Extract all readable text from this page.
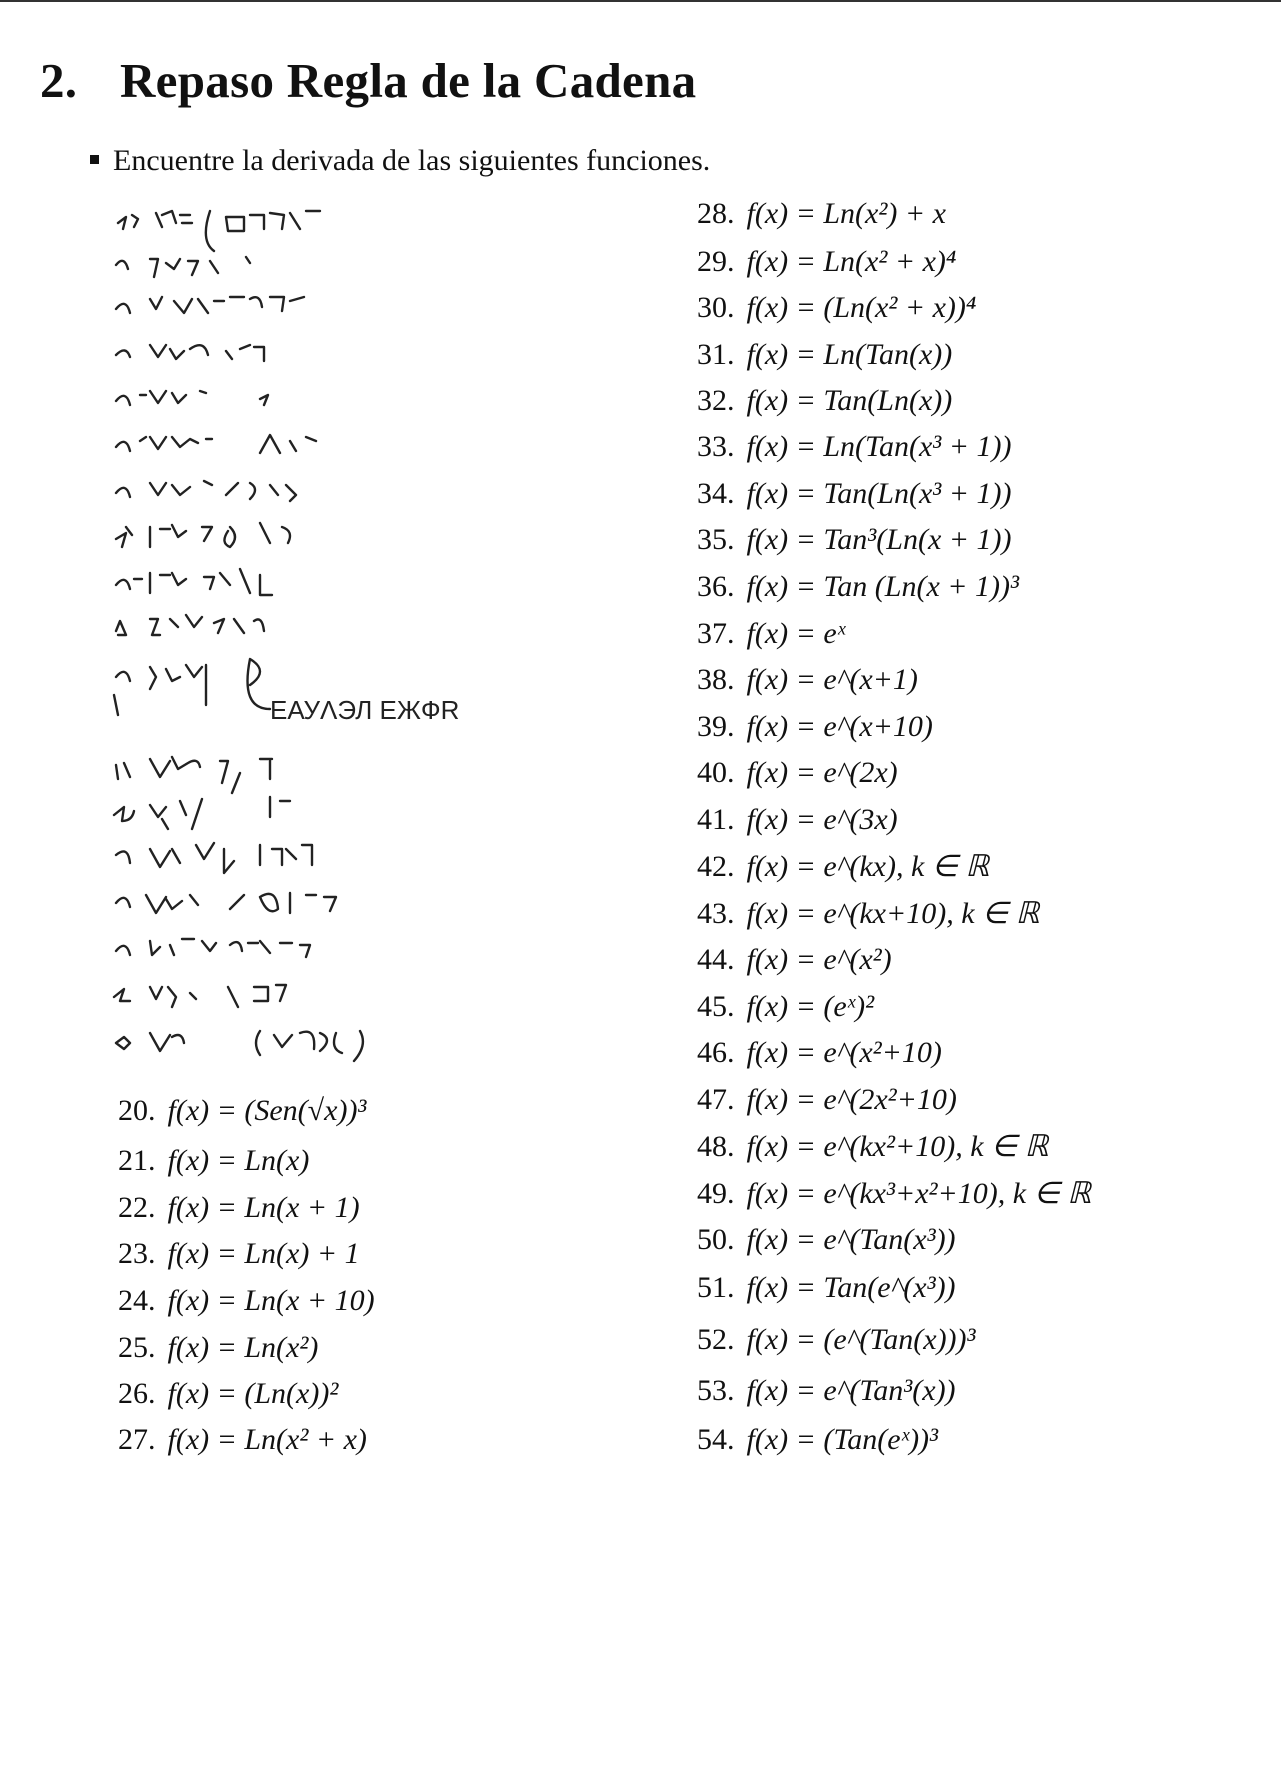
2. Repaso Regla de la Cadena
Encuentre la derivada de las siguientes funciones.
ЕАУΛЭЛ ЕЖФR
20. f(x) = (Sen(√x))³
21. f(x) = Ln(x)
22. f(x) = Ln(x + 1)
23. f(x) = Ln(x) + 1
24. f(x) = Ln(x + 10)
25. f(x) = Ln(x²)
26. f(x) = (Ln(x))²
27. f(x) = Ln(x² + x)
28. f(x) = Ln(x²) + x
29. f(x) = Ln(x² + x)⁴
30. f(x) = (Ln(x² + x))⁴
31. f(x) = Ln(Tan(x))
32. f(x) = Tan(Ln(x))
33. f(x) = Ln(Tan(x³ + 1))
34. f(x) = Tan(Ln(x³ + 1))
35. f(x) = Tan³(Ln(x + 1))
36. f(x) = Tan (Ln(x + 1))³
37. f(x) = eˣ
38. f(x) = e^(x+1)
39. f(x) = e^(x+10)
40. f(x) = e^(2x)
41. f(x) = e^(3x)
42. f(x) = e^(kx), k ∈ ℝ
43. f(x) = e^(kx+10), k ∈ ℝ
44. f(x) = e^(x²)
45. f(x) = (eˣ)²
46. f(x) = e^(x²+10)
47. f(x) = e^(2x²+10)
48. f(x) = e^(kx²+10), k ∈ ℝ
49. f(x) = e^(kx³+x²+10), k ∈ ℝ
50. f(x) = e^(Tan(x³))
51. f(x) = Tan(e^(x³))
52. f(x) = (e^(Tan(x)))³
53. f(x) = e^(Tan³(x))
54. f(x) = (Tan(eˣ))³
